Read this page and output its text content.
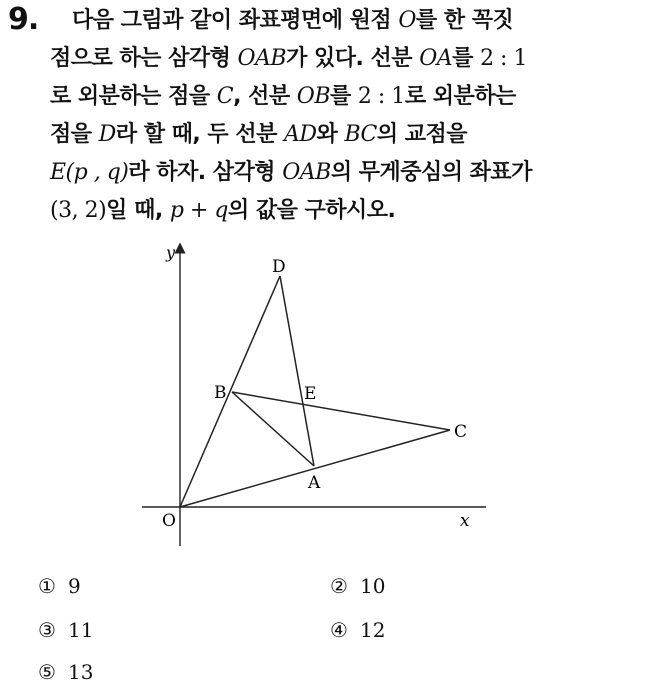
9. 다음 그림과 같이 좌표평면에 원점 O를 한 꼭짓
점으로 하는 삼각형 OAB가 있다. 선분 OA를 2 : 1
로 외분하는 점을 C, 선분 OB를 2 : 1로 외분하는
점을 D라 할 때, 두 선분 AD와 BC의 교점을
E(p , q)라 하자. 삼각형 OAB의 무게중심의 좌표가
(3, 2)일 때, p + q의 값을 구하시오.
y
D
B	E
C
A
O	x
① 9	② 10
③ 11	④ 12
⑤ 13
